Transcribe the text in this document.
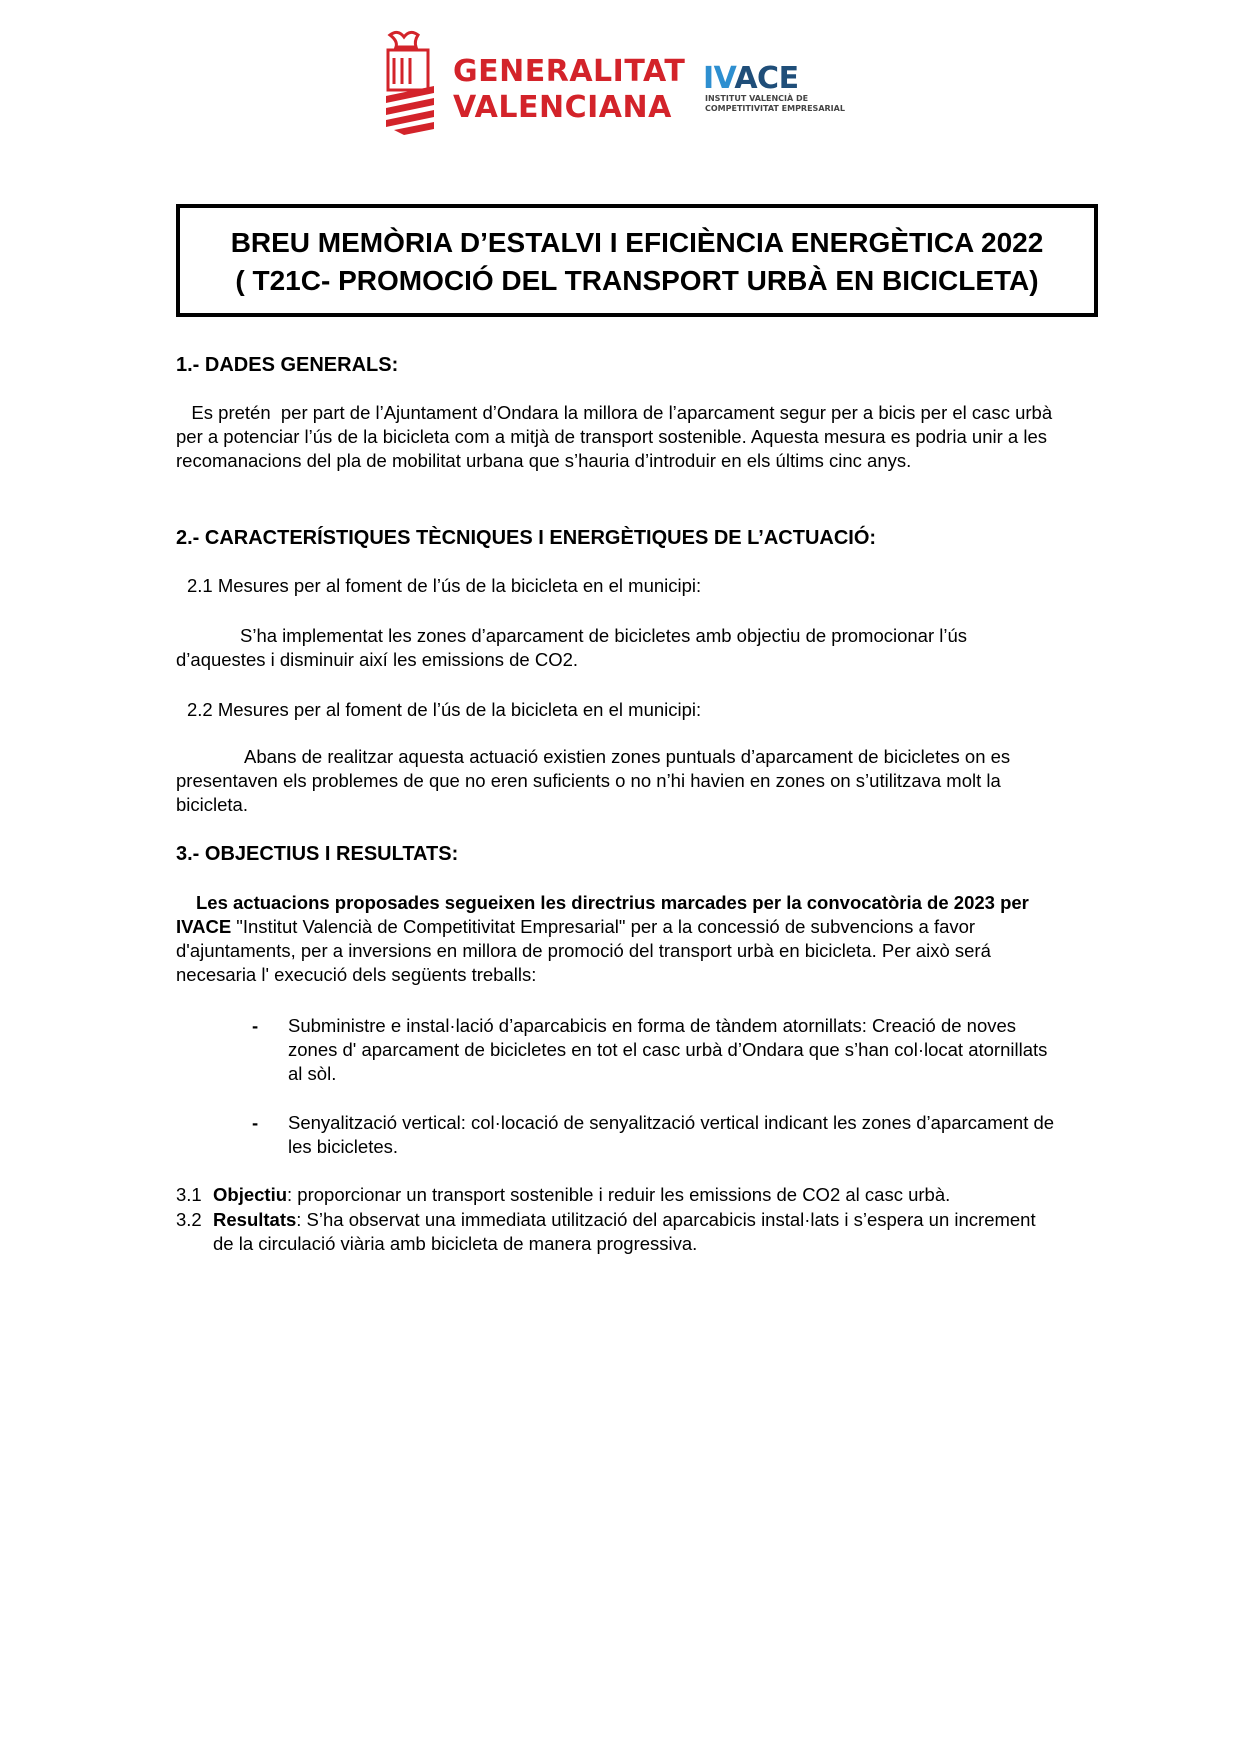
GENERALITAT
VALENCIANA
IVACE
INSTITUT VALENCIÀ DE
COMPETITIVITAT EMPRESARIAL
BREU MEMÒRIA D’ESTALVI I EFICIÈNCIA ENERGÈTICA 2022
( T21C- PROMOCIÓ DEL TRANSPORT URBÀ EN BICICLETA)
1.- DADES GENERALS:

Es pretén  per part de l’Ajuntament d’Ondara la millora de l’aparcament segur per a bicis per el casc urbà per a potenciar l’ús de la bicicleta com a mitjà de transport sostenible. Aquesta mesura es podria unir a les recomanacions del pla de mobilitat urbana que s’hauria d’introduir en els últims cinc anys.

2.- CARACTERÍSTIQUES TÈCNIQUES I ENERGÈTIQUES DE L’ACTUACIÓ:
2.1 Mesures per al foment de l’ús de la bicicleta en el municipi:

S’ha implementat les zones d’aparcament de bicicletes amb objectiu de promocionar l’ús d’aquestes i disminuir així les emissions de CO2.

2.2 Mesures per al foment de l’ús de la bicicleta en el municipi:

Abans de realitzar aquesta actuació existien zones puntuals d’aparcament de bicicletes on es presentaven els problemes de que no eren suficients o no n’hi havien en zones on s’utilitzava molt la bicicleta.

3.- OBJECTIUS I RESULTATS:

Les actuacions proposades segueixen les directrius marcades per la convocatòria de 2023 per IVACE "Institut Valencià de Competitivitat Empresarial" per a la concessió de subvencions a favor d'ajuntaments, per a inversions en millora de promoció del transport urbà en bicicleta. Per això será necesaria l' execució dels següents treballs:

- Subministre e instal·lació d’aparcabicis en forma de tàndem atornillats: Creació de noves zones d' aparcament de bicicletes en tot el casc urbà d’Ondara que s’han col·locat atornillats al sòl.

- Senyalització vertical: col·locació de senyalització vertical indicant les zones d’aparcament de les bicicletes.

3.1 Objectiu: proporcionar un transport sostenible i reduir les emissions de CO2 al casc urbà.

3.2 Resultats: S’ha observat una immediata utilització del aparcabicis instal·lats i s’espera un increment de la circulació viària amb bicicleta de manera progressiva.
